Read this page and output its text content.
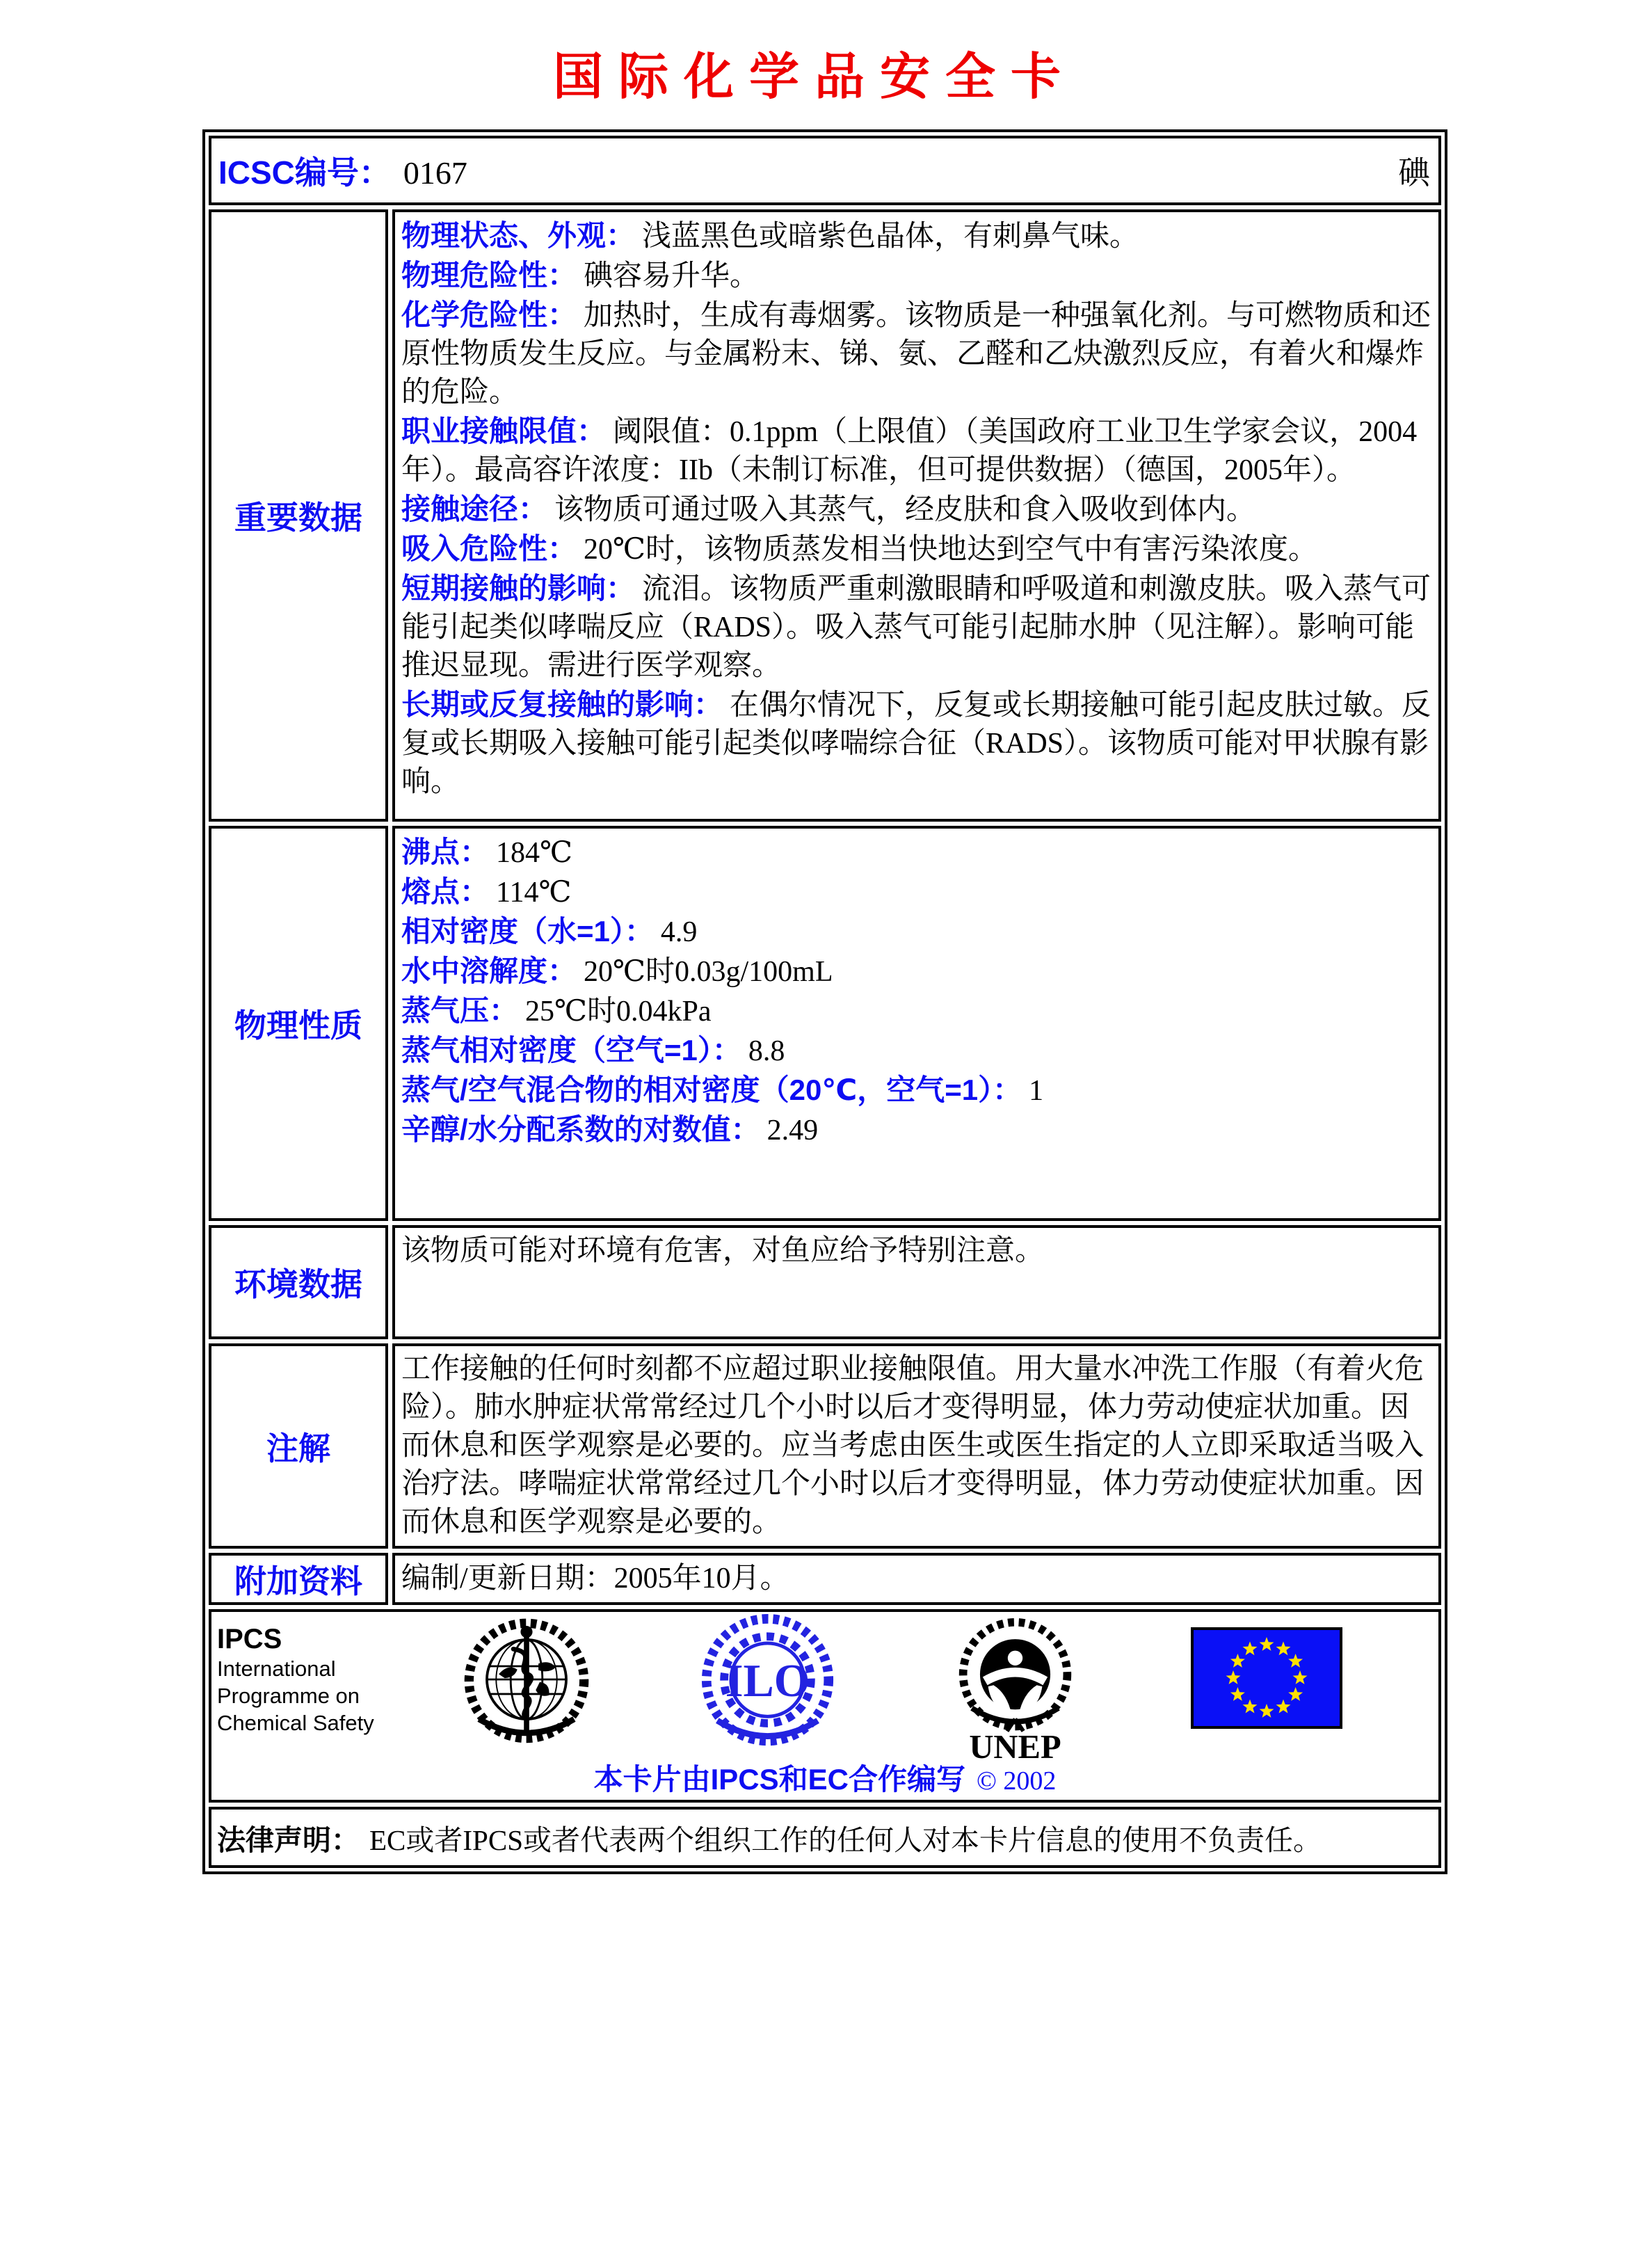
国际化学品安全卡
ICSC编号： 0167	碘
重要数据
物理状态、外观： 浅蓝黑色或暗紫色晶体，有刺鼻气味。
物理危险性： 碘容易升华。
化学危险性： 加热时，生成有毒烟雾。该物质是一种强氧化剂。与可燃物质和还原性物质发生反应。与金属粉末、锑、氨、乙醛和乙炔激烈反应，有着火和爆炸的危险。
职业接触限值： 阈限值：0.1ppm（上限值）（美国政府工业卫生学家会议，2004年）。最高容许浓度：IIb（未制订标准，但可提供数据）（德国，2005年）。
接触途径： 该物质可通过吸入其蒸气，经皮肤和食入吸收到体内。
吸入危险性： 20℃时，该物质蒸发相当快地达到空气中有害污染浓度。
短期接触的影响： 流泪。该物质严重刺激眼睛和呼吸道和刺激皮肤。吸入蒸气可能引起类似哮喘反应（RADS）。吸入蒸气可能引起肺水肿（见注解）。影响可能推迟显现。需进行医学观察。
长期或反复接触的影响： 在偶尔情况下，反复或长期接触可能引起皮肤过敏。反复或长期吸入接触可能引起类似哮喘综合征（RADS）。该物质可能对甲状腺有影响。
物理性质
沸点： 184℃
熔点： 114℃
相对密度（水=1）： 4.9
水中溶解度： 20℃时0.03g/100mL
蒸气压： 25℃时0.04kPa
蒸气相对密度（空气=1）： 8.8
蒸气/空气混合物的相对密度（20℃，空气=1）： 1
辛醇/水分配系数的对数值： 2.49
环境数据
该物质可能对环境有危害，对鱼应给予特别注意。
注解
工作接触的任何时刻都不应超过职业接触限值。用大量水冲洗工作服（有着火危险）。肺水肿症状常常经过几个小时以后才变得明显，体力劳动使症状加重。因而休息和医学观察是必要的。应当考虑由医生或医生指定的人立即采取适当吸入治疗法。哮喘症状常常经过几个小时以后才变得明显，体力劳动使症状加重。因而休息和医学观察是必要的。
附加资料	编制/更新日期：2005年10月。
IPCS
International
Programme on
Chemical Safety
ILO
UNEP
本卡片由IPCS和EC合作编写 © 2002
法律声明： EC或者IPCS或者代表两个组织工作的任何人对本卡片信息的使用不负责任。
